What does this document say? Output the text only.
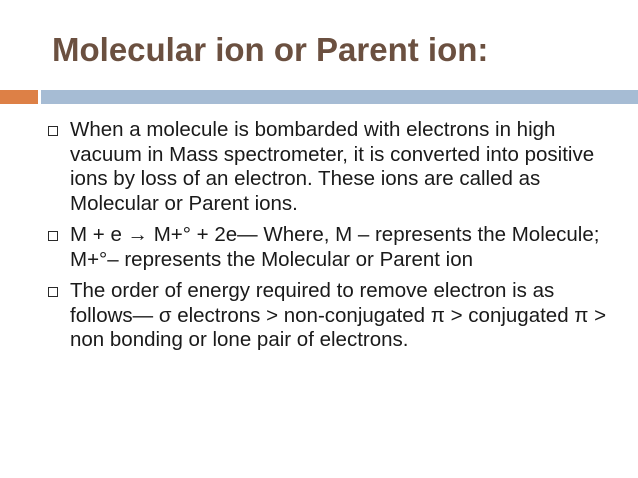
Molecular ion or Parent ion:
When a molecule is bombarded with electrons in high vacuum in Mass spectrometer, it is converted into positive ions by loss of an electron. These ions are called as Molecular or Parent ions.
M + e → M+° + 2e— Where, M – represents the Molecule; M+°– represents the Molecular or Parent ion
The order of energy required to remove electron is as follows— σ electrons > non-conjugated π > conjugated π > non bonding or lone pair of electrons.
